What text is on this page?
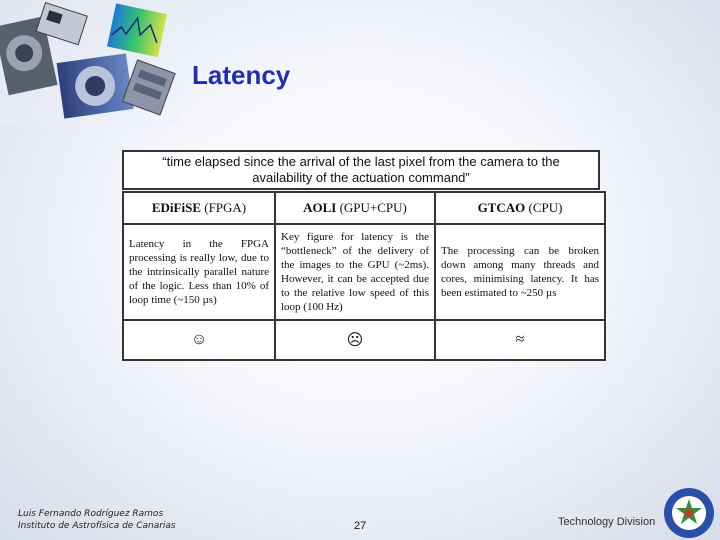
Latency
“time elapsed since the arrival of the last pixel from the camera to the availability of the actuation command”
EDiFiSE (FPGA)	AOLI (GPU+CPU)	GTCAO (CPU)
Latency in the FPGA processing is really low, due to the intrinsically parallel nature of the logic. Less than 10% of loop time (~150 µs)	Key figure for latency is the “bottleneck” of the delivery of the images to the GPU (~2ms). However, it can be accepted due to the relative low speed of this loop (100 Hz)	The processing can be broken down among many threads and cores, minimising latency. It has been estimated to ~250 µs
☺	☹	≈
Luis Fernando Rodríguez Ramos
Instituto de Astrofísica de Canarias	27	Technology Division
